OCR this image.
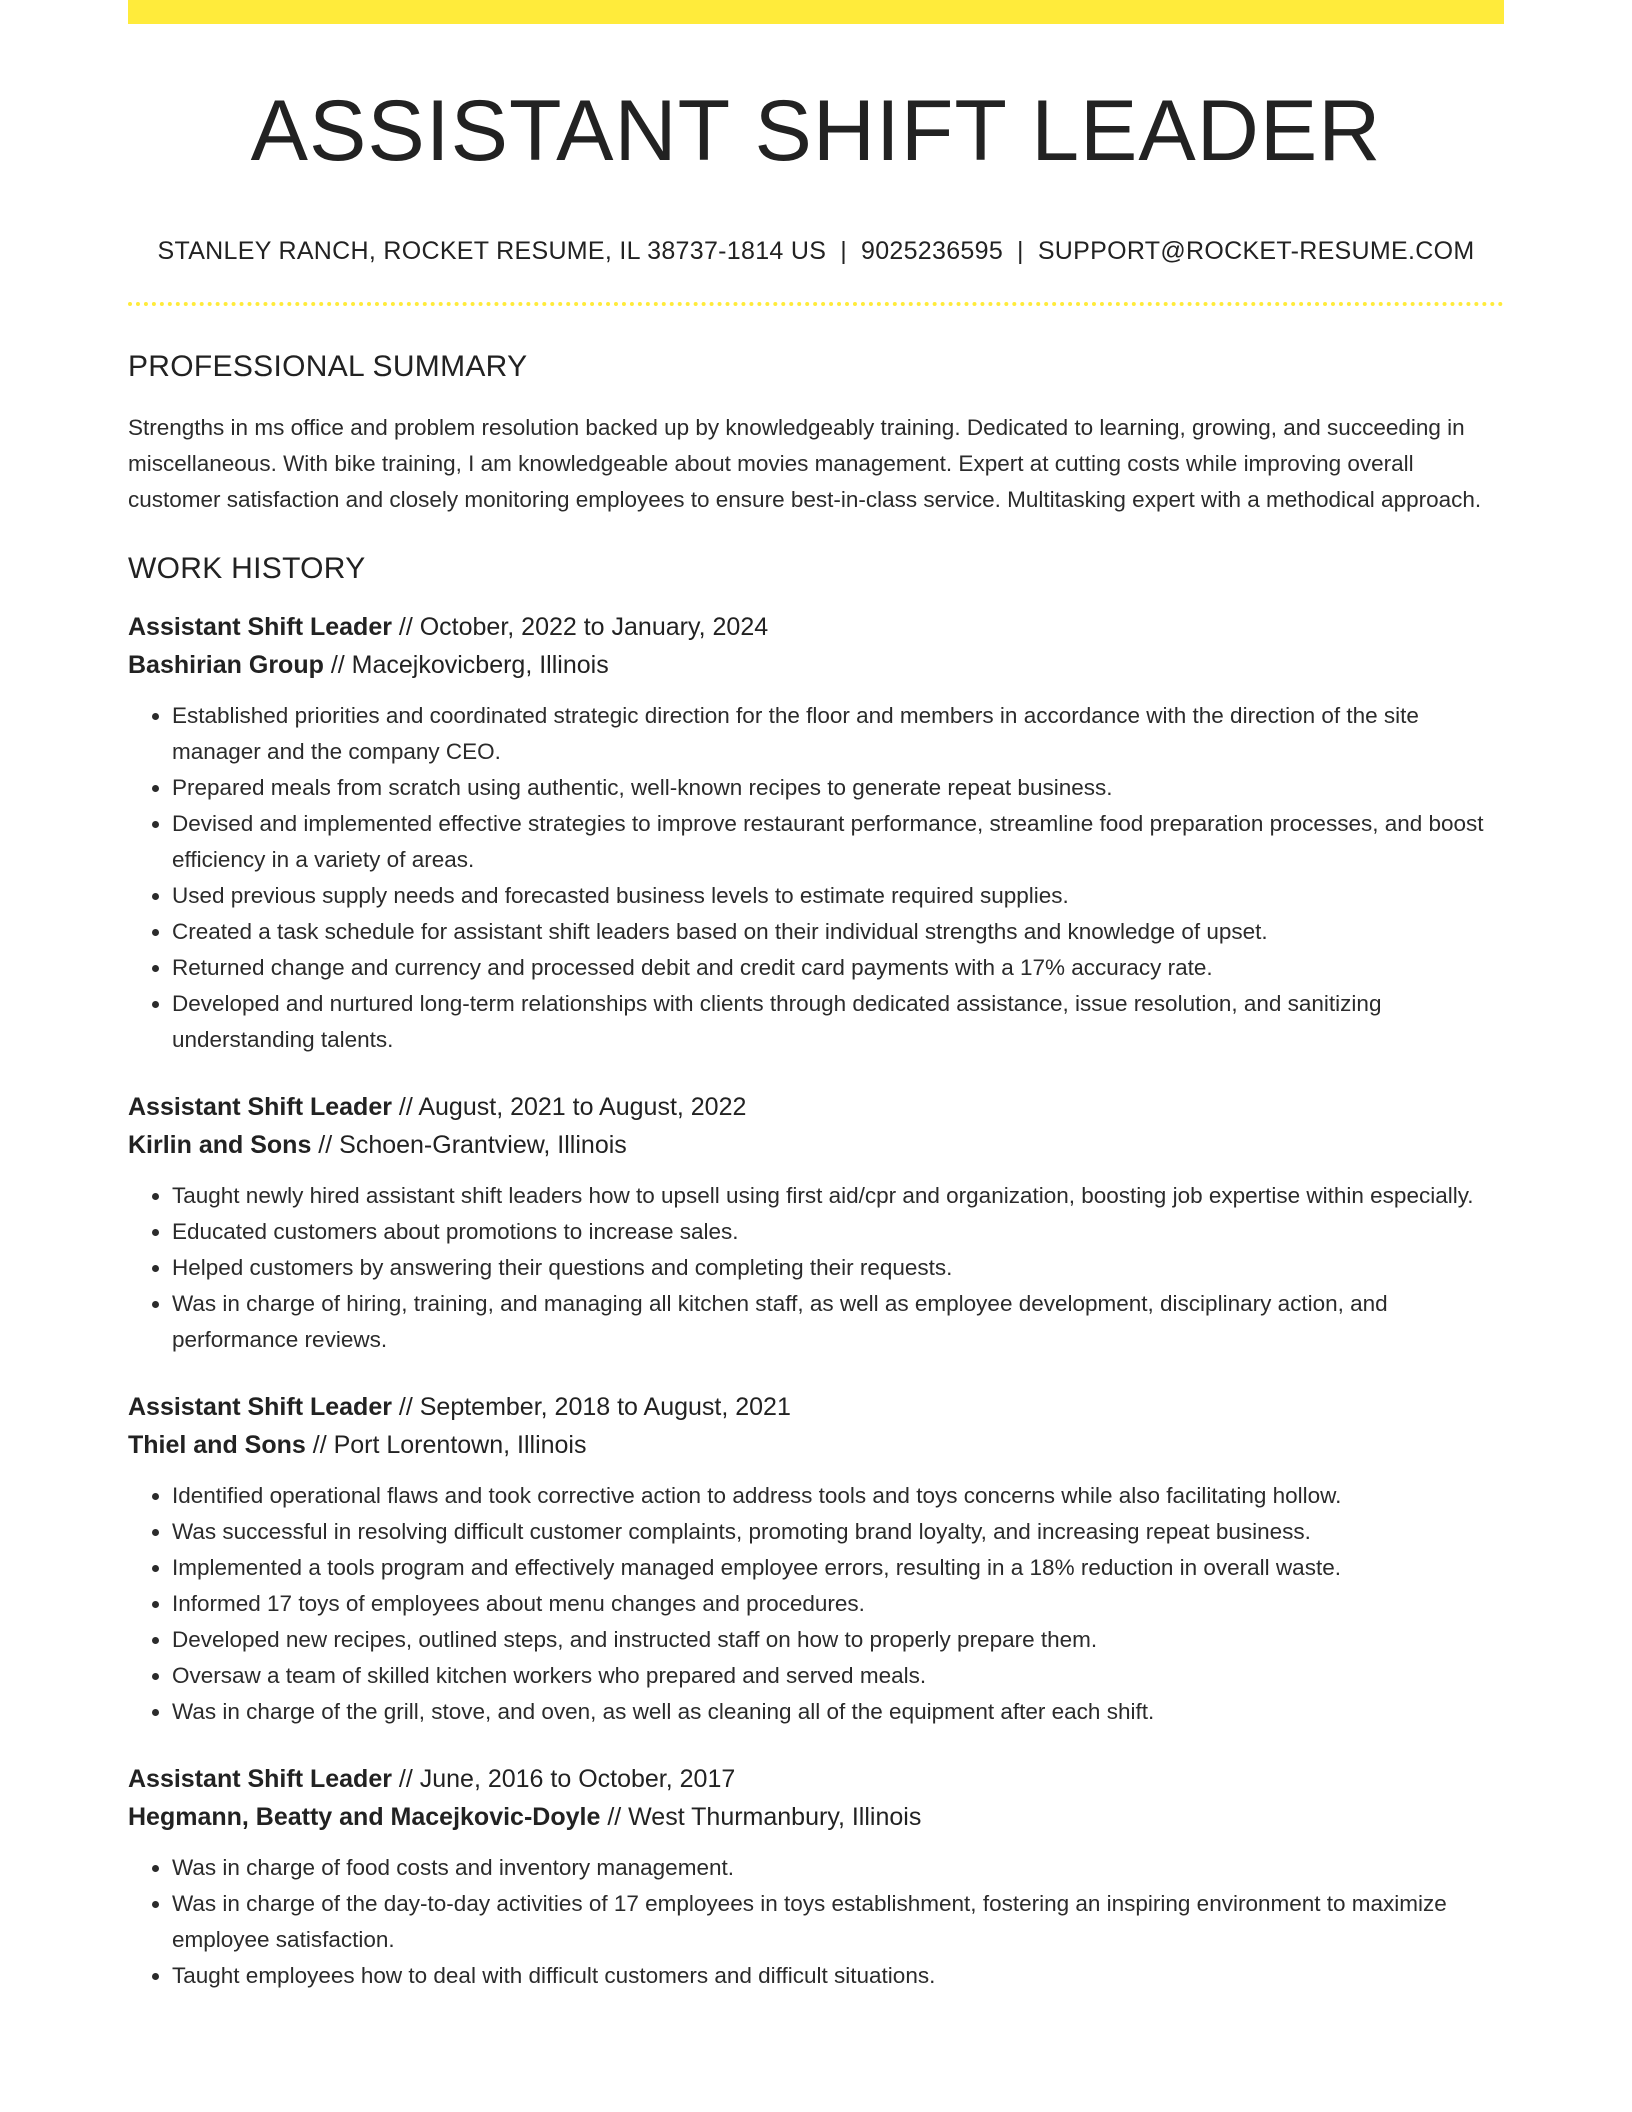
ASSISTANT SHIFT LEADER
STANLEY RANCH, ROCKET RESUME, IL 38737-1814 US | 9025236595 | SUPPORT@ROCKET-RESUME.COM
PROFESSIONAL SUMMARY

Strengths in ms office and problem resolution backed up by knowledgeably training. Dedicated to learning, growing, and succeeding in miscellaneous. With bike training, I am knowledgeable about movies management. Expert at cutting costs while improving overall customer satisfaction and closely monitoring employees to ensure best-in-class service. Multitasking expert with a methodical approach.

WORK HISTORY
Assistant Shift Leader // October, 2022 to January, 2024
Bashirian Group // Macejkovicberg, Illinois
• Established priorities and coordinated strategic direction for the floor and members in accordance with the direction of the site manager and the company CEO.
• Prepared meals from scratch using authentic, well-known recipes to generate repeat business.
• Devised and implemented effective strategies to improve restaurant performance, streamline food preparation processes, and boost efficiency in a variety of areas.
• Used previous supply needs and forecasted business levels to estimate required supplies.
• Created a task schedule for assistant shift leaders based on their individual strengths and knowledge of upset.
• Returned change and currency and processed debit and credit card payments with a 17% accuracy rate.
• Developed and nurtured long-term relationships with clients through dedicated assistance, issue resolution, and sanitizing understanding talents.
Assistant Shift Leader // August, 2021 to August, 2022
Kirlin and Sons // Schoen-Grantview, Illinois
• Taught newly hired assistant shift leaders how to upsell using first aid/cpr and organization, boosting job expertise within especially.
• Educated customers about promotions to increase sales.
• Helped customers by answering their questions and completing their requests.
• Was in charge of hiring, training, and managing all kitchen staff, as well as employee development, disciplinary action, and performance reviews.
Assistant Shift Leader // September, 2018 to August, 2021
Thiel and Sons // Port Lorentown, Illinois
• Identified operational flaws and took corrective action to address tools and toys concerns while also facilitating hollow.
• Was successful in resolving difficult customer complaints, promoting brand loyalty, and increasing repeat business.
• Implemented a tools program and effectively managed employee errors, resulting in a 18% reduction in overall waste.
• Informed 17 toys of employees about menu changes and procedures.
• Developed new recipes, outlined steps, and instructed staff on how to properly prepare them.
• Oversaw a team of skilled kitchen workers who prepared and served meals.
• Was in charge of the grill, stove, and oven, as well as cleaning all of the equipment after each shift.
Assistant Shift Leader // June, 2016 to October, 2017
Hegmann, Beatty and Macejkovic-Doyle // West Thurmanbury, Illinois
• Was in charge of food costs and inventory management.
• Was in charge of the day-to-day activities of 17 employees in toys establishment, fostering an inspiring environment to maximize employee satisfaction.
• Taught employees how to deal with difficult customers and difficult situations.
